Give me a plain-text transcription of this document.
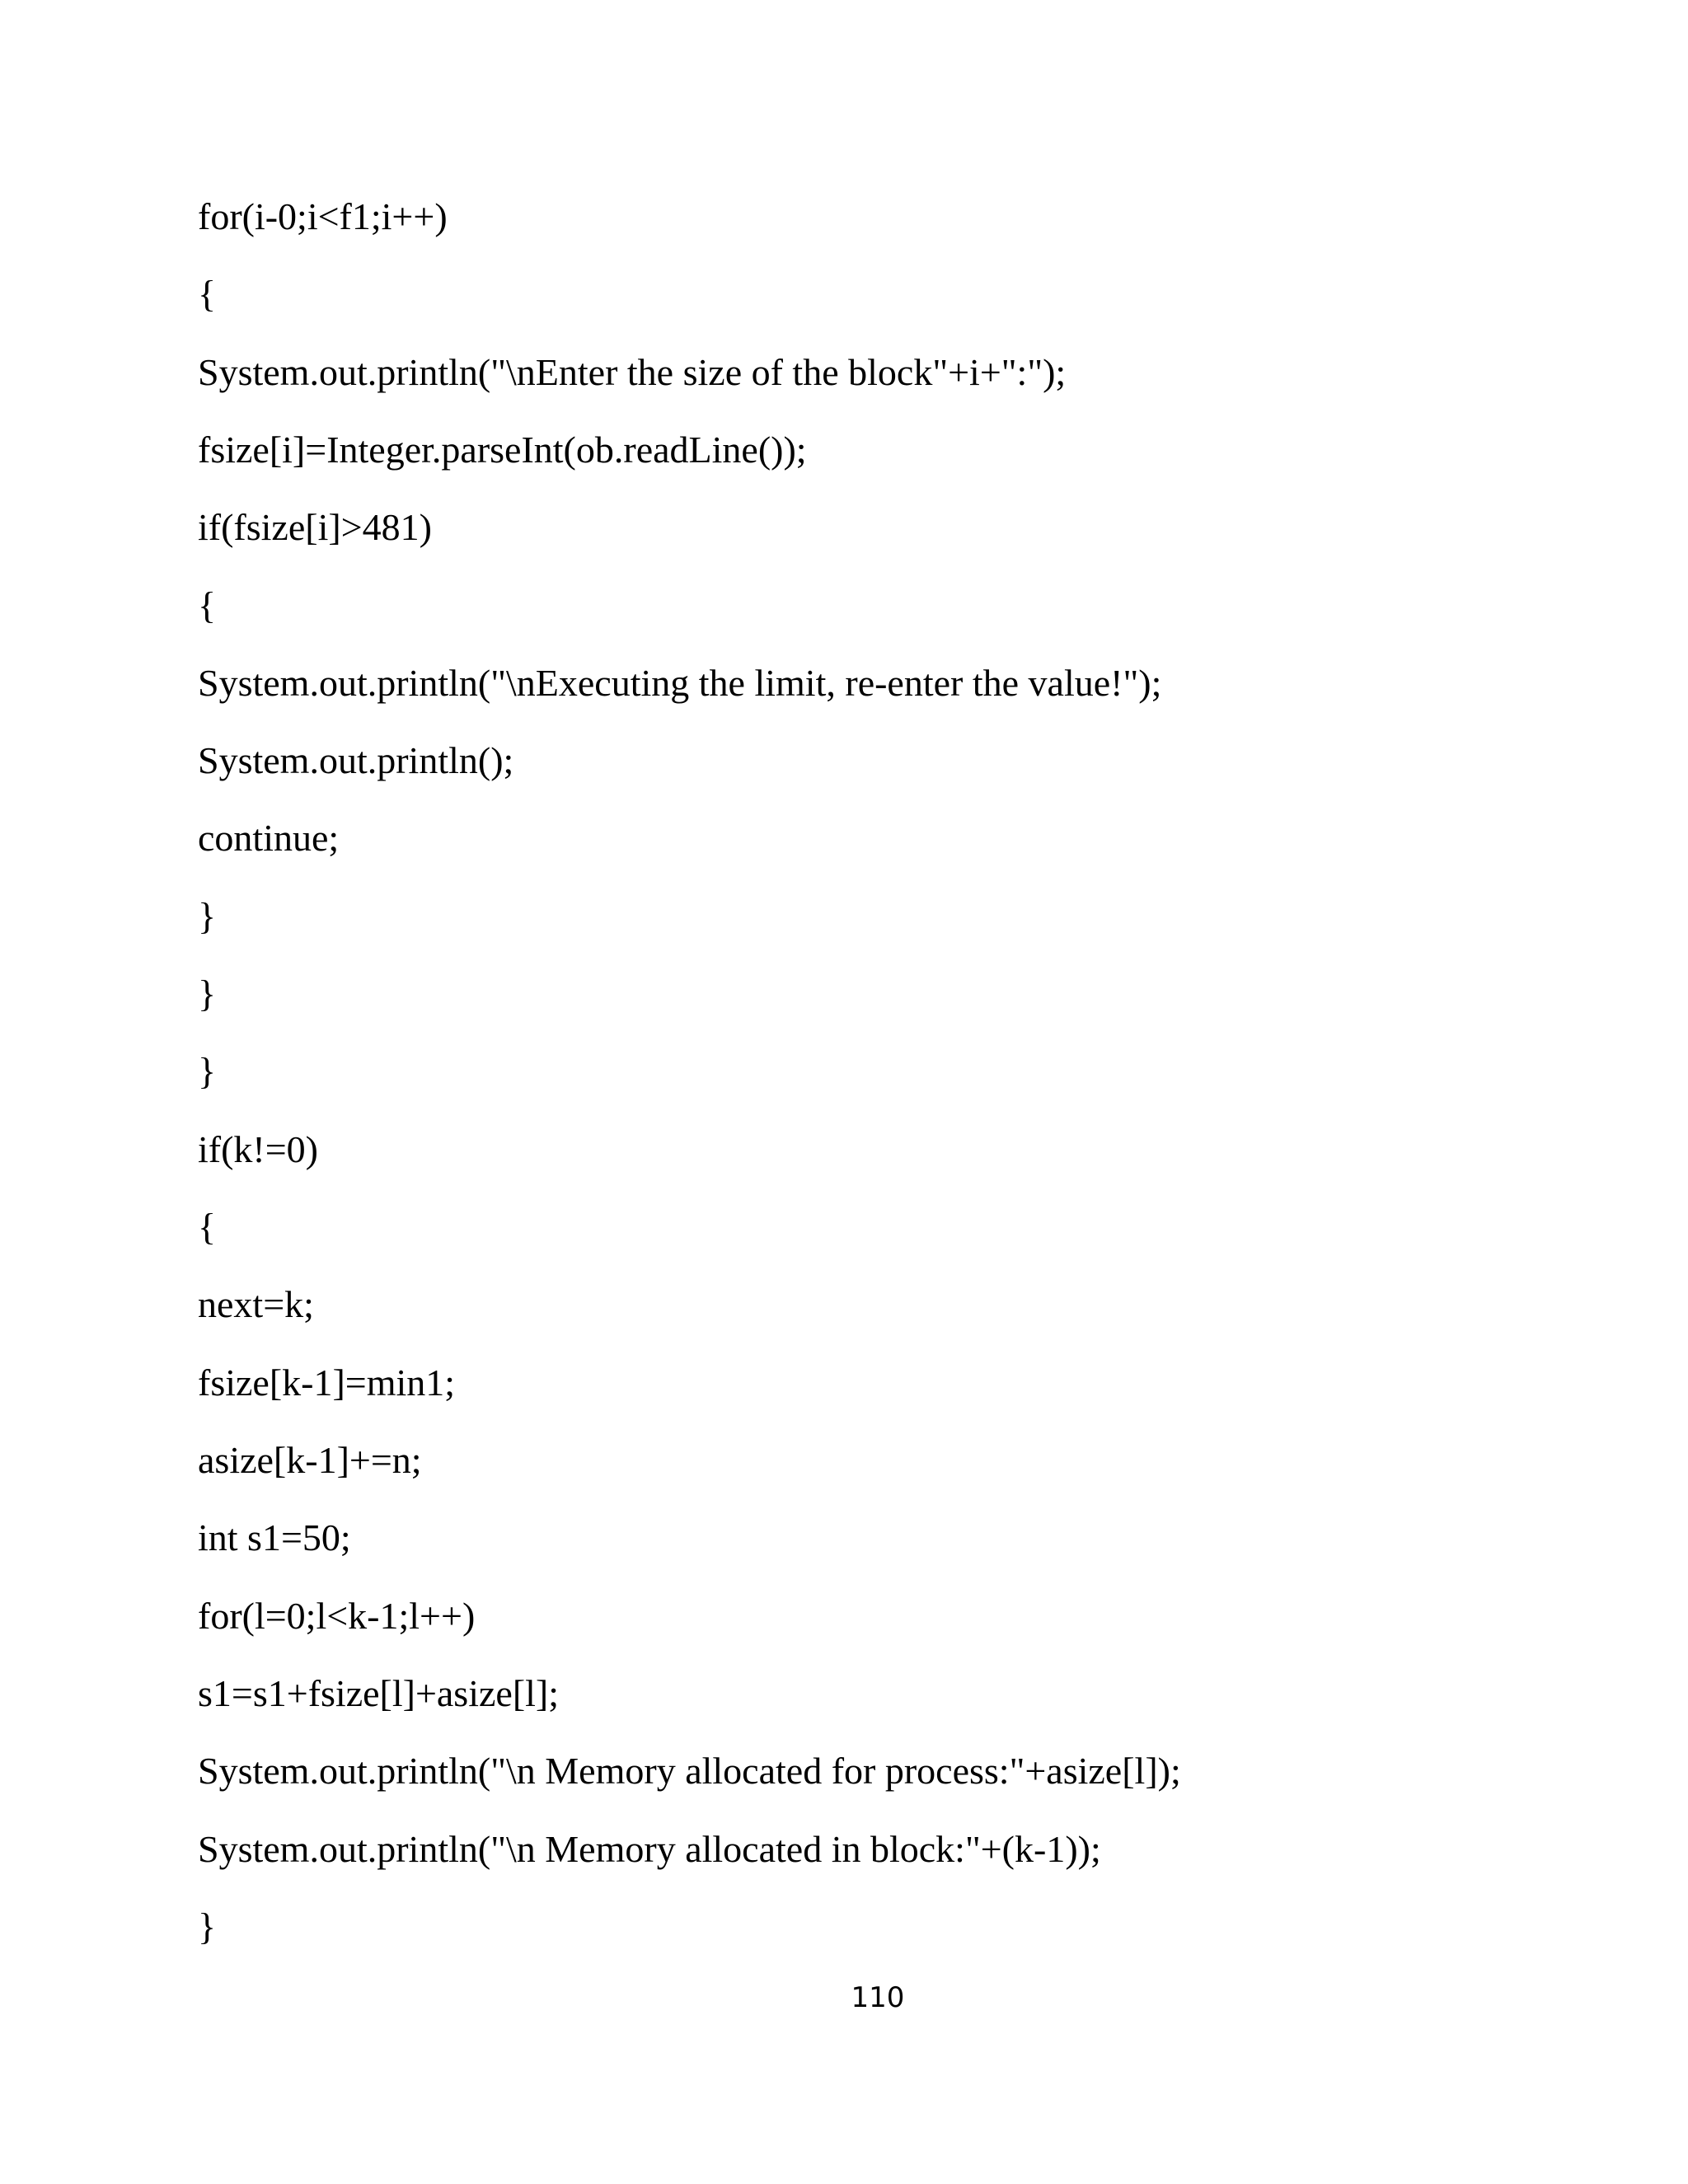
for(i-0;i<f1;i++)
{
System.out.println("\nEnter the size of the block"+i+":");
fsize[i]=Integer.parseInt(ob.readLine());
if(fsize[i]>481)
{
System.out.println("\nExecuting the limit, re-enter the value!");
System.out.println();
continue;
}
}
}
if(k!=0)
{
next=k;
fsize[k-1]=min1;
asize[k-1]+=n;
int s1=50;
for(l=0;l<k-1;l++)
s1=s1+fsize[l]+asize[l];
System.out.println("\n Memory allocated for process:"+asize[l]);
System.out.println("\n Memory allocated in block:"+(k-1));
}
110
